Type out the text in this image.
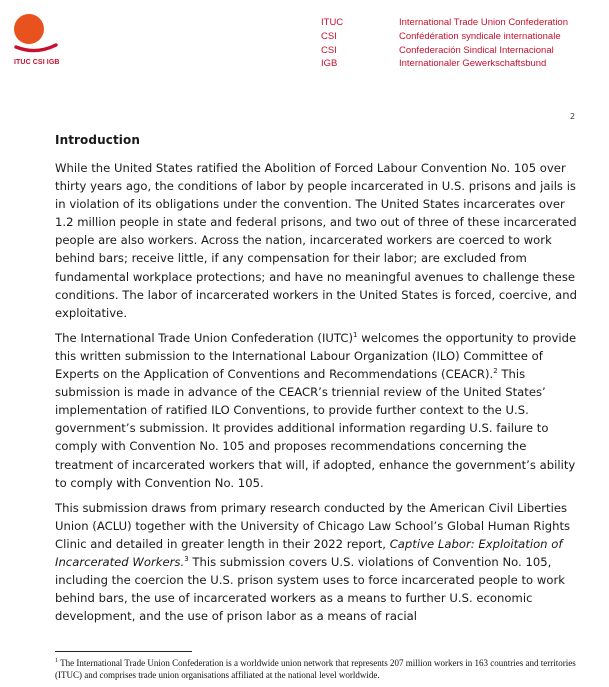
ITUC CSI IGB
ITUC
CSI
CSI
IGB
International Trade Union Confederation
Confédération syndicale internationale
Confederación Sindical Internacional
Internationaler Gewerkschaftsbund
2
Introduction

While the United States ratified the Abolition of Forced Labour Convention No. 105 over thirty years ago, the conditions of labor by people incarcerated in U.S. prisons and jails is in violation of its obligations under the convention. The United States incarcerates over 1.2 million people in state and federal prisons, and two out of three of these incarcerated people are also workers. Across the nation, incarcerated workers are coerced to work behind bars; receive little, if any compensation for their labor; are excluded from fundamental workplace protections; and have no meaningful avenues to challenge these conditions. The labor of incarcerated workers in the United States is forced, coercive, and exploitative.

The International Trade Union Confederation (IUTC)$^1$ welcomes the opportunity to provide this written submission to the International Labour Organization (ILO) Committee of Experts on the Application of Conventions and Recommendations (CEACR).$^2$ This submission is made in advance of the CEACR’s triennial review of the United States’ implementation of ratified ILO Conventions, to provide further context to the U.S. government’s submission. It provides additional information regarding U.S. failure to comply with Convention No. 105 and proposes recommendations concerning the treatment of incarcerated workers that will, if adopted, enhance the government’s ability to comply with Convention No. 105.

This submission draws from primary research conducted by the American Civil Liberties Union (ACLU) together with the University of Chicago Law School’s Global Human Rights Clinic and detailed in greater length in their 2022 report, Captive Labor: Exploitation of Incarcerated Workers.$^3$ This submission covers U.S. violations of Convention No. 105, including the coercion the U.S. prison system uses to force incarcerated people to work behind bars, the use of incarcerated workers as a means to further U.S. economic development, and the use of prison labor as a means of racial

$^1$ The International Trade Union Confederation is a worldwide union network that represents 207 million workers in 163 countries and territories (ITUC) and comprises trade union organisations affiliated at the national level worldwide.
